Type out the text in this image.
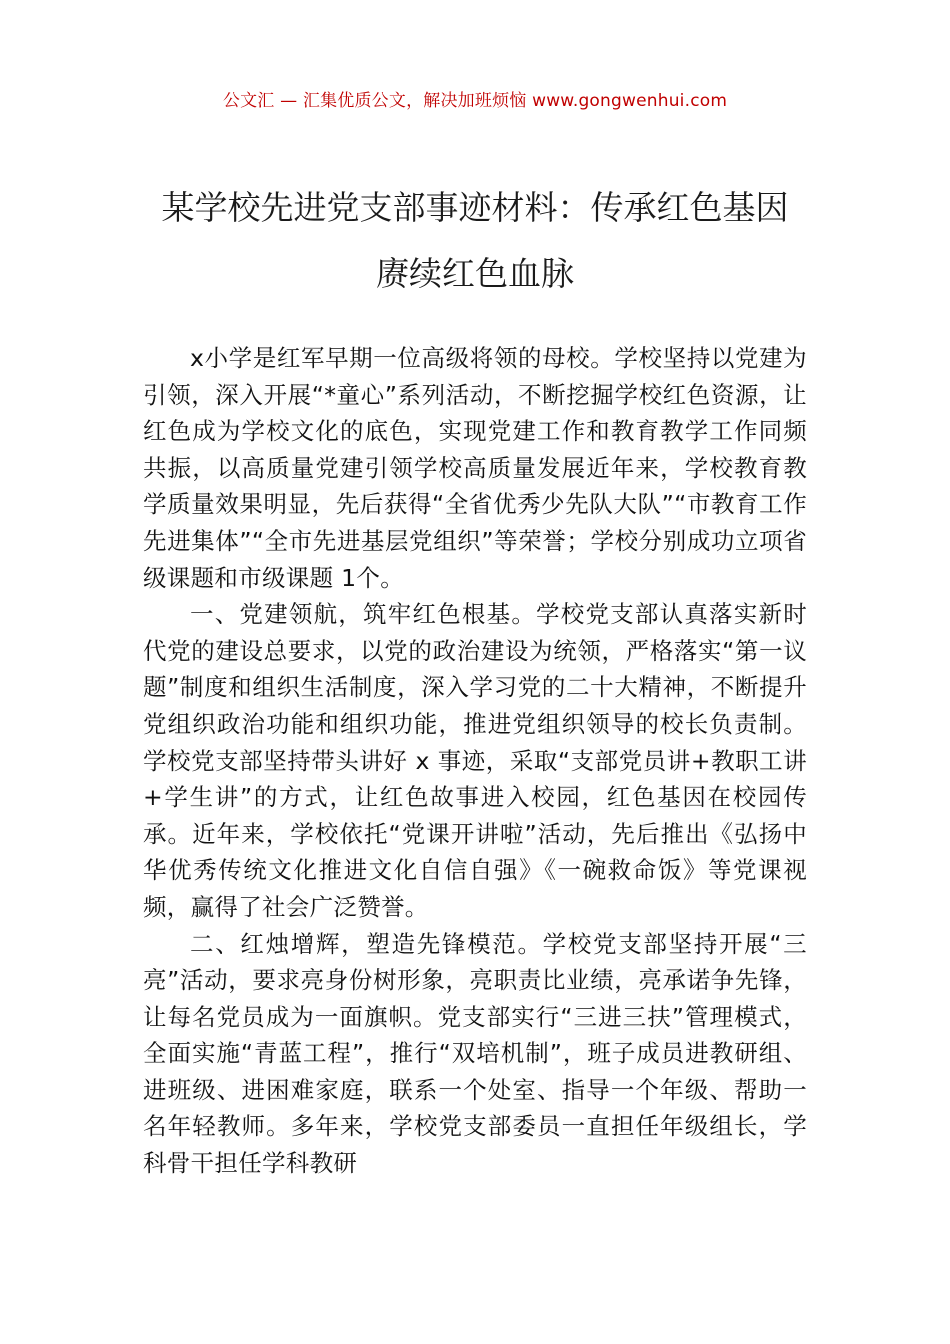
公文汇 — 汇集优质公文，解决加班烦恼 www.gongwenhui.com
某学校先进党支部事迹材料：传承红色基因 赓续红色血脉

x小学是红军早期一位高级将领的母校。学校坚持以党建为引领，深入开展“*童心”系列活动，不断挖掘学校红色资源，让红色成为学校文化的底色，实现党建工作和教育教学工作同频共振，以高质量党建引领学校高质量发展近年来，学校教育教学质量效果明显，先后获得“全省优秀少先队大队”“市教育工作先进集体”“全市先进基层党组织”等荣誉；学校分别成功立项省级课题和市级课题 1个。

一、党建领航，筑牢红色根基。学校党支部认真落实新时代党的建设总要求，以党的政治建设为统领，严格落实“第一议题”制度和组织生活制度，深入学习党的二十大精神，不断提升党组织政治功能和组织功能，推进党组织领导的校长负责制。学校党支部坚持带头讲好 x 事迹，采取“支部党员讲+教职工讲+学生讲”的方式，让红色故事进入校园，红色基因在校园传承。近年来，学校依托“党课开讲啦”活动，先后推出《弘扬中华优秀传统文化推进文化自信自强》《一碗救命饭》等党课视频，赢得了社会广泛赞誉。

二、红烛增辉，塑造先锋模范。学校党支部坚持开展“三亮”活动，要求亮身份树形象，亮职责比业绩，亮承诺争先锋，让每名党员成为一面旗帜。党支部实行“三进三扶”管理模式，全面实施“青蓝工程”，推行“双培机制”，班子成员进教研组、进班级、进困难家庭，联系一个处室、指导一个年级、帮助一名年轻教师。多年来，学校党支部委员一直担任年级组长，学科骨干担任学科教研
